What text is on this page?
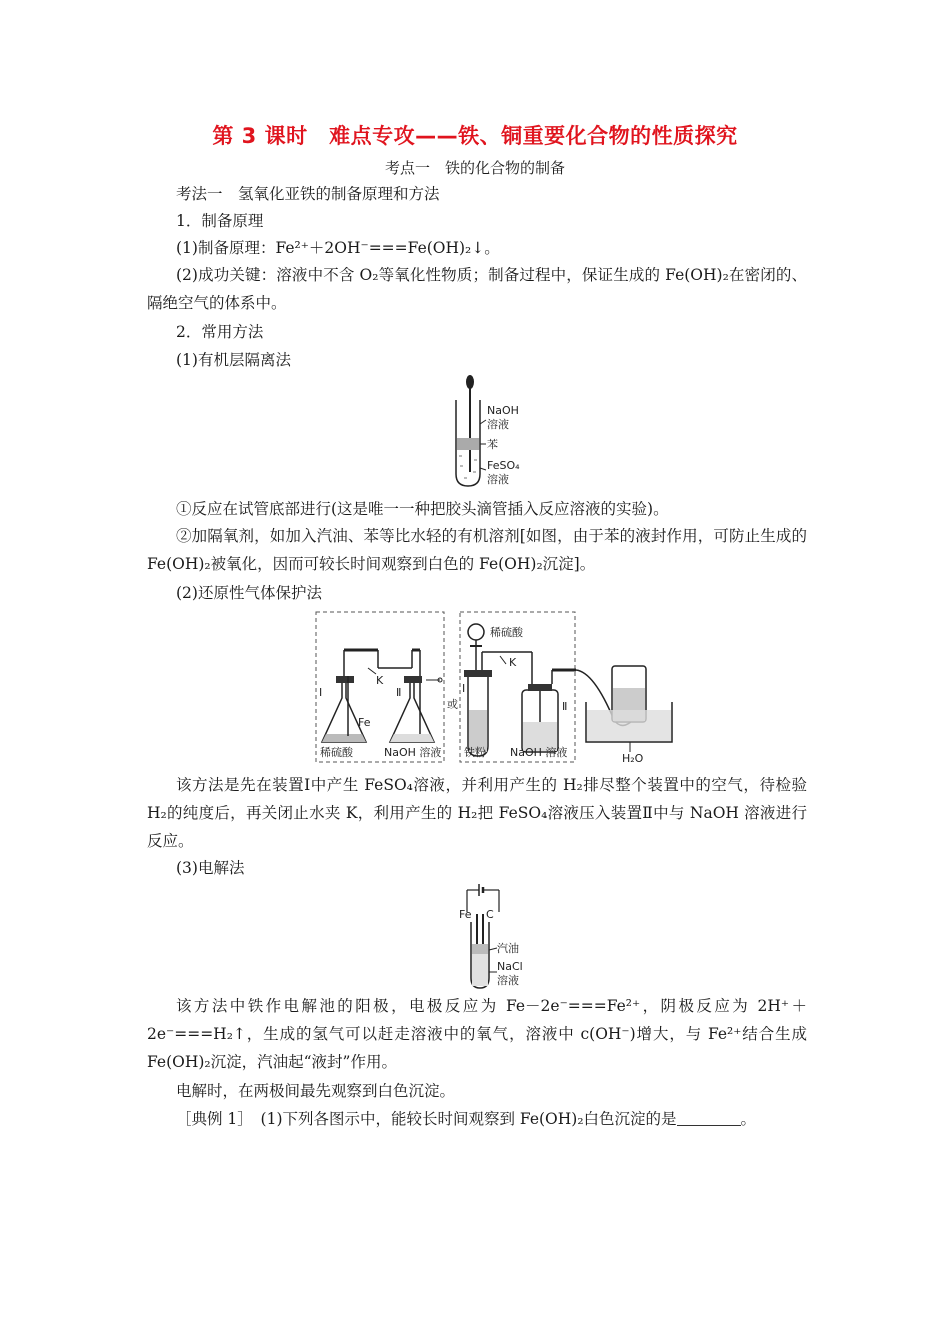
第 3 课时　难点专攻——铁、铜重要化合物的性质探究
考点一　铁的化合物的制备
考法一　氢氧化亚铁的制备原理和方法
1．制备原理
(1)制备原理：Fe²⁺＋2OH⁻===Fe(OH)₂↓。
(2)成功关键：溶液中不含 O₂等氧化性物质；制备过程中，保证生成的 Fe(OH)₂在密闭的、隔绝空气的体系中。
2．常用方法
(1)有机层隔离法
NaOH
溶液
苯
FeSO₄
溶液
①反应在试管底部进行(这是唯一一种把胶头滴管插入反应溶液的实验)。
②加隔氧剂，如加入汽油、苯等比水轻的有机溶剂[如图，由于苯的液封作用，可防止生成的 Fe(OH)₂被氧化，因而可较长时间观察到白色的 Fe(OH)₂沉淀]。
(2)还原性气体保护法
Ⅰ	Ⅱ
K
Fe
稀硫酸	NaOH 溶液
或
稀硫酸
Ⅰ
K
铁粉
Ⅱ
NaOH 溶液	H₂O
该方法是先在装置Ⅰ中产生 FeSO₄溶液，并利用产生的 H₂排尽整个装置中的空气，待检验 H₂的纯度后，再关闭止水夹 K，利用产生的 H₂把 FeSO₄溶液压入装置Ⅱ中与 NaOH 溶液进行反应。
(3)电解法
Fe C
汽油
NaCl
溶液
该方法中铁作电解池的阳极，电极反应为 Fe－2e⁻===Fe²⁺，阴极反应为 2H⁺＋2e⁻===H₂↑，生成的氢气可以赶走溶液中的氧气，溶液中 c(OH⁻)增大，与 Fe²⁺结合生成 Fe(OH)₂沉淀，汽油起“液封”作用。
电解时，在两极间最先观察到白色沉淀。
［典例 1］　(1)下列各图示中，能较长时间观察到 Fe(OH)₂白色沉淀的是	。
